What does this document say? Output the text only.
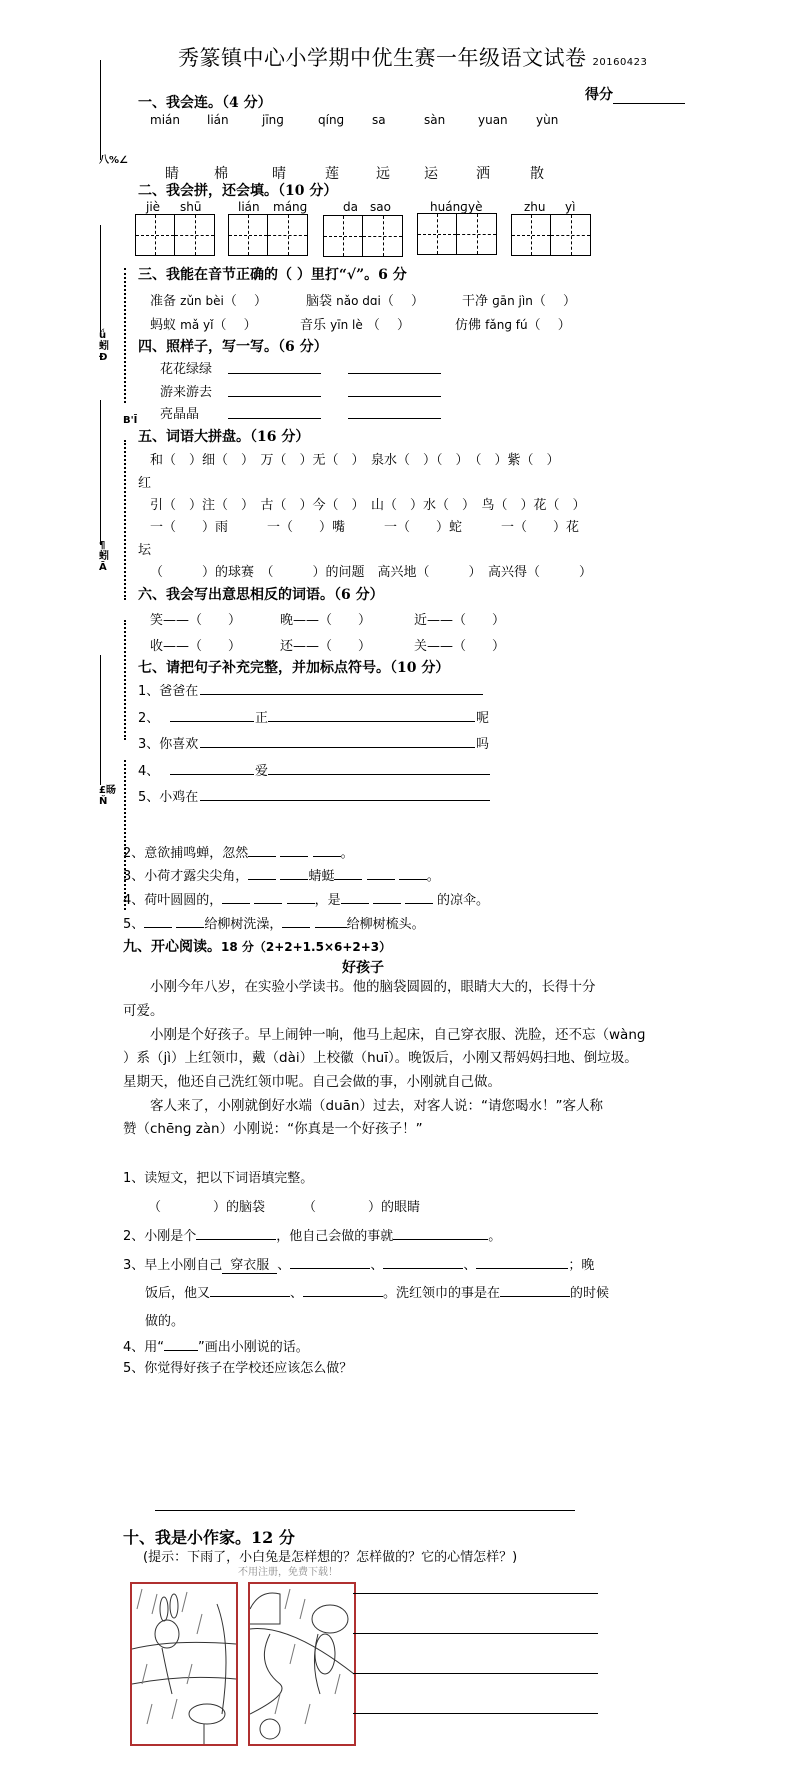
八%∠
ǘ蚓Ð
B'Ī
¶蚓Ā
£旸Ň
秀篆镇中心小学期中优生赛一年级语文试卷 20160423
得分
一、我会连。（4 分）
mián lián	jīnɡ	qínɡ sa	sàn	yuan yùn
睛	棉	晴	莲	远 运	洒	散
二、我会拼，还会填。（10 分）
jiè shū	lián mánɡ	da sao	huánɡ yè	zhu yì
三、我能在音节正确的（ ）里打“√”。6 分
准备 zǔn bèi（　 ）	脑袋 nǎo dɑi（　 ）	干净 ɡān jìn（　 ）
蚂蚁 mǎ yǐ（　 ）	音乐 yīn lè （　 ）	仿佛 fǎnɡ fú（　 ）
四、照样子，写一写。（6 分）
花花绿绿
游来游去
亮晶晶
五、词语大拼盘。（16 分）
和（　）细（　）　万（　）无（　）　泉水（　）（　）　（　）紫（　）
红
引（　）注（　）　古（　）今（　）　山（　）水（　）　鸟（　）花（　）
一（　　）雨　　　一（　　）嘴　　　一（　　）蛇　　　一（　　）花
坛
（　　　）的球赛　（　　　）的问题　高兴地（　　　）　高兴得（　　　）
六、我会写出意思相反的词语。（6 分）
笑——（　　）	晚——（　　）	近——（　　）
收——（　　）	还——（　　）	关——（　　）
七、请把句子补充完整，并加标点符号。（10 分）
1、爸爸在
2、	正	呢
3、你喜欢	吗
4、	爱
5、小鸡在
2、意欲捕鸣蝉，忽然	。
3、小荷才露尖尖角，	蜻蜓	。
4、荷叶圆圆的，	，是	的凉伞。
5、	给柳树洗澡，	给柳树梳头。
九、开心阅读。18 分（2+2+1.5×6+2+3）
好孩子
小刚今年八岁，在实验小学读书。他的脑袋圆圆的，眼睛大大的，长得十分
可爱。
小刚是个好孩子。早上闹钟一响，他马上起床，自己穿衣服、洗脸，还不忘（wànɡ
）系（jì）上红领巾，戴（dài）上校徽（huī）。晚饭后，小刚又帮妈妈扫地、倒垃圾。
星期天，他还自己洗红领巾呢。自己会做的事，小刚就自己做。
客人来了，小刚就倒好水端（duān）过去，对客人说：“请您喝水！”客人称
赞（chēnɡ zàn）小刚说：“你真是一个好孩子！”
1、读短文，把以下词语填完整。
（　　　　）的脑袋	（　　　　）的眼睛
2、小刚是个	，他自己会做的事就	。
3、早上小刚自己 穿衣服 、	、	、	；晚
饭后，他又	、	。洗红领巾的事是在	的时候
做的。
4、用“	”画出小刚说的话。
5、你觉得好孩子在学校还应该怎么做？
十、我是小作家。12 分
(提示：下雨了，小白兔是怎样想的？怎样做的？它的心情怎样？)
不用注册，免费下载！
